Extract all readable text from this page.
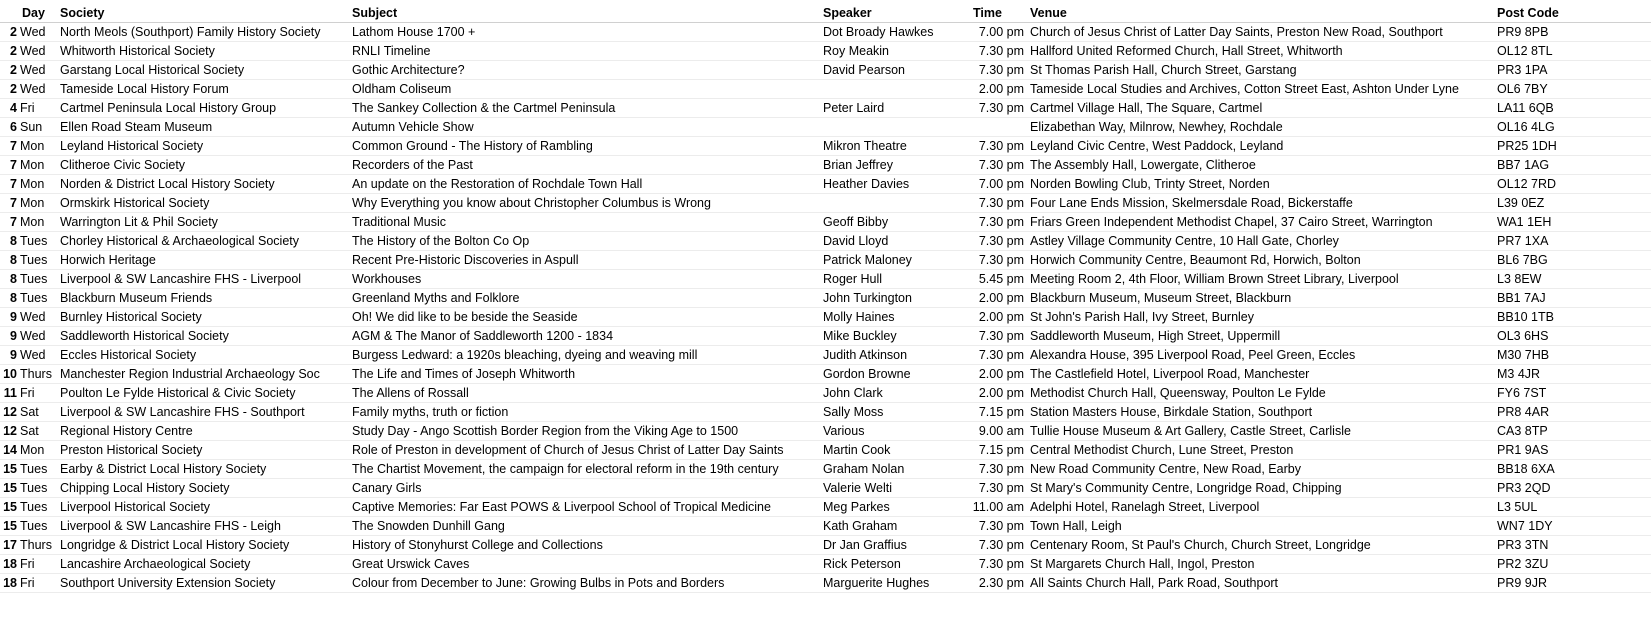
Day		Society	Subject	Speaker	Time	Venue	Post Code
2	Wed	North Meols (Southport) Family History Society	Lathom House 1700 +	Dot Broady Hawkes	7.00 pm	Church of Jesus Christ of Latter Day Saints, Preston New Road, Southport	PR9 8PB
2	Wed	Whitworth Historical Society	RNLI Timeline	Roy Meakin	7.30 pm	Hallford United Reformed Church, Hall Street, Whitworth	OL12 8TL
2	Wed	Garstang Local Historical Society	Gothic Architecture?	David Pearson	7.30 pm	St Thomas Parish Hall, Church Street, Garstang	PR3 1PA
2	Wed	Tameside Local History Forum	Oldham Coliseum		2.00 pm	Tameside Local Studies and Archives, Cotton Street East, Ashton Under Lyne	OL6 7BY
4	Fri	Cartmel Peninsula Local History Group	The Sankey Collection & the Cartmel Peninsula	Peter Laird	7.30 pm	Cartmel Village Hall, The Square, Cartmel	LA11 6QB
6	Sun	Ellen Road Steam Museum	Autumn Vehicle Show			Elizabethan Way, Milnrow, Newhey, Rochdale	OL16 4LG
7	Mon	Leyland Historical Society	Common Ground - The History of Rambling	Mikron Theatre	7.30 pm	Leyland Civic Centre, West Paddock, Leyland	PR25 1DH
7	Mon	Clitheroe Civic Society	Recorders of the Past	Brian Jeffrey	7.30 pm	The Assembly Hall, Lowergate, Clitheroe	BB7 1AG
7	Mon	Norden & District Local History Society	An update on the Restoration of Rochdale Town Hall	Heather Davies	7.00 pm	Norden Bowling Club, Trinty Street, Norden	OL12 7RD
7	Mon	Ormskirk Historical Society	Why Everything you know about Christopher Columbus is Wrong		7.30 pm	Four Lane Ends Mission, Skelmersdale Road, Bickerstaffe	L39 0EZ
7	Mon	Warrington Lit & Phil Society	Traditional Music	Geoff Bibby	7.30 pm	Friars Green Independent Methodist Chapel, 37 Cairo Street, Warrington	WA1 1EH
8	Tues	Chorley Historical & Archaeological Society	The History of the Bolton Co Op	David Lloyd	7.30 pm	Astley Village Community Centre, 10 Hall Gate, Chorley	PR7 1XA
8	Tues	Horwich Heritage	Recent Pre-Historic Discoveries in Aspull	Patrick Maloney	7.30 pm	Horwich Community Centre, Beaumont Rd, Horwich, Bolton	BL6 7BG
8	Tues	Liverpool & SW Lancashire FHS - Liverpool	Workhouses	Roger Hull	5.45 pm	Meeting Room 2, 4th Floor, William Brown Street Library, Liverpool	L3 8EW
8	Tues	Blackburn Museum Friends	Greenland Myths and Folklore	John Turkington	2.00 pm	Blackburn Museum, Museum Street, Blackburn	BB1 7AJ
9	Wed	Burnley Historical Society	Oh! We did like to be beside the Seaside	Molly Haines	2.00 pm	St John's Parish Hall, Ivy Street, Burnley	BB10 1TB
9	Wed	Saddleworth Historical Society	AGM & The Manor of Saddleworth 1200 - 1834	Mike Buckley	7.30 pm	Saddleworth Museum, High Street, Uppermill	OL3 6HS
9	Wed	Eccles Historical Society	Burgess Ledward: a 1920s bleaching, dyeing and weaving mill	Judith Atkinson	7.30 pm	Alexandra House, 395 Liverpool Road, Peel Green, Eccles	M30 7HB
10	Thurs	Manchester Region Industrial Archaeology Soc	The Life and Times of Joseph Whitworth	Gordon Browne	2.00 pm	The Castlefield Hotel, Liverpool Road, Manchester	M3 4JR
11	Fri	Poulton Le Fylde Historical & Civic Society	The Allens of Rossall	John Clark	2.00 pm	Methodist Church Hall, Queensway, Poulton Le Fylde	FY6 7ST
12	Sat	Liverpool & SW Lancashire FHS - Southport	Family myths, truth or fiction	Sally Moss	7.15 pm	Station Masters House, Birkdale Station, Southport	PR8 4AR
12	Sat	Regional History Centre	Study Day - Ango Scottish Border Region from the Viking Age to 1500	Various	9.00 am	Tullie House Museum & Art Gallery, Castle Street, Carlisle	CA3 8TP
14	Mon	Preston Historical Society	Role of Preston in development of Church of Jesus Christ of Latter Day Saints	Martin Cook	7.15 pm	Central Methodist Church, Lune Street, Preston	PR1 9AS
15	Tues	Earby & District Local History Society	The Chartist Movement, the campaign for electoral reform in the 19th century	Graham Nolan	7.30 pm	New Road Community Centre, New Road, Earby	BB18 6XA
15	Tues	Chipping Local History Society	Canary Girls	Valerie Welti	7.30 pm	St Mary's Community Centre, Longridge Road, Chipping	PR3 2QD
15	Tues	Liverpool Historical Society	Captive Memories: Far East POWS & Liverpool School of Tropical Medicine	Meg Parkes	11.00 am	Adelphi Hotel, Ranelagh Street, Liverpool	L3 5UL
15	Tues	Liverpool & SW Lancashire FHS - Leigh	The Snowden Dunhill Gang	Kath Graham	7.30 pm	Town Hall, Leigh	WN7 1DY
17	Thurs	Longridge & District Local History Society	History of Stonyhurst College and Collections	Dr Jan Graffius	7.30 pm	Centenary Room, St Paul's Church, Church Street, Longridge	PR3 3TN
18	Fri	Lancashire Archaeological Society	Great Urswick Caves	Rick Peterson	7.30 pm	St Margarets Church Hall, Ingol, Preston	PR2 3ZU
18	Fri	Southport University Extension Society	Colour from December to June: Growing Bulbs in Pots and Borders	Marguerite Hughes	2.30 pm	All Saints Church Hall, Park Road, Southport	PR9 9JR
